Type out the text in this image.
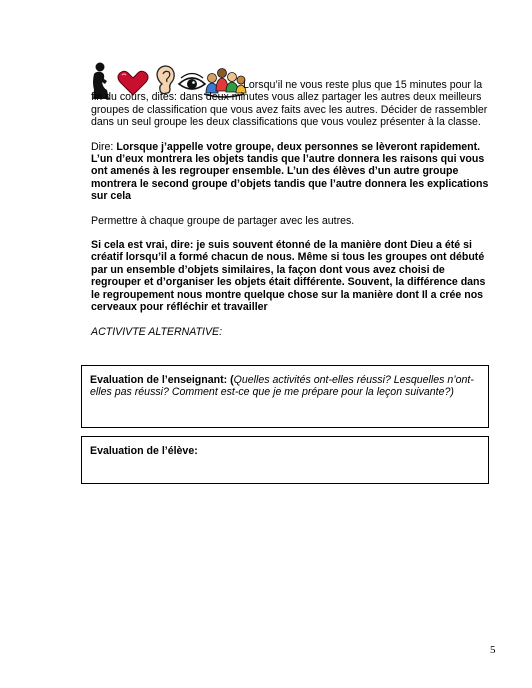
Lorsqu’il ne vous reste plus que 15 minutes pour la fin du cours, dites: dans deux minutes vous allez partager les autres deux meilleurs groupes de classification que vous avez faits avec les autres. Décider de rassembler dans un seul groupe les deux classifications que vous voulez présenter à la classe.

Dire: Lorsque j’appelle votre groupe, deux personnes se lèveront rapidement. L’un d’eux montrera les objets tandis que l’autre donnera les raisons qui vous ont amenés à les regrouper ensemble. L’un des élèves d’un autre groupe montrera le second groupe d’objets tandis que l’autre donnera les explications sur cela

Permettre à chaque groupe de partager avec les autres.

Si cela est vrai, dire: je suis souvent étonné de la manière dont Dieu a été si créatif lorsqu’il a formé chacun de nous. Même si tous les groupes ont débuté par un ensemble d’objets similaires, la façon dont vous avez choisi de regrouper et d’organiser les objets était différente. Souvent, la différence dans le regroupement nous montre quelque chose sur la manière dont Il a crée nos cerveaux pour réfléchir et travailler

ACTIVIVTE ALTERNATIVE:

Evaluation de l’enseignant: (Quelles activités ont-elles réussi? Lesquelles n’ont-elles pas réussi? Comment est-ce que je me prépare pour la leçon suivante?)
Evaluation de l’élève:
5
